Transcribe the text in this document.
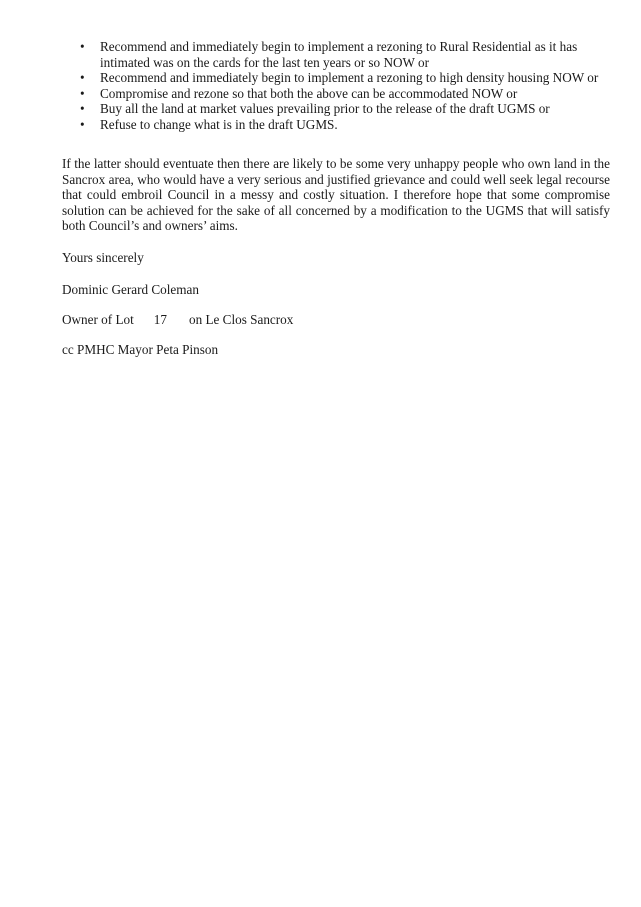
• Recommend and immediately begin to implement a rezoning to Rural Residential as it has intimated was on the cards for the last ten years or so NOW or
• Recommend and immediately begin to implement a rezoning to high density housing NOW or
• Compromise and rezone so that both the above can be accommodated NOW or
• Buy all the land at market values prevailing prior to the release of the draft UGMS or
• Refuse to change what is in the draft UGMS.

If the latter should eventuate then there are likely to be some very unhappy people who own land in the Sancrox area, who would have a very serious and justified grievance and could well seek legal recourse that could embroil Council in a messy and costly situation. I therefore hope that some compromise solution can be achieved for the sake of all concerned by a modification to the UGMS that will satisfy both Council’s and owners’ aims.

Yours sincerely

Dominic Gerard Coleman

Owner of Lot 17 on Le Clos Sancrox

cc PMHC Mayor Peta Pinson
